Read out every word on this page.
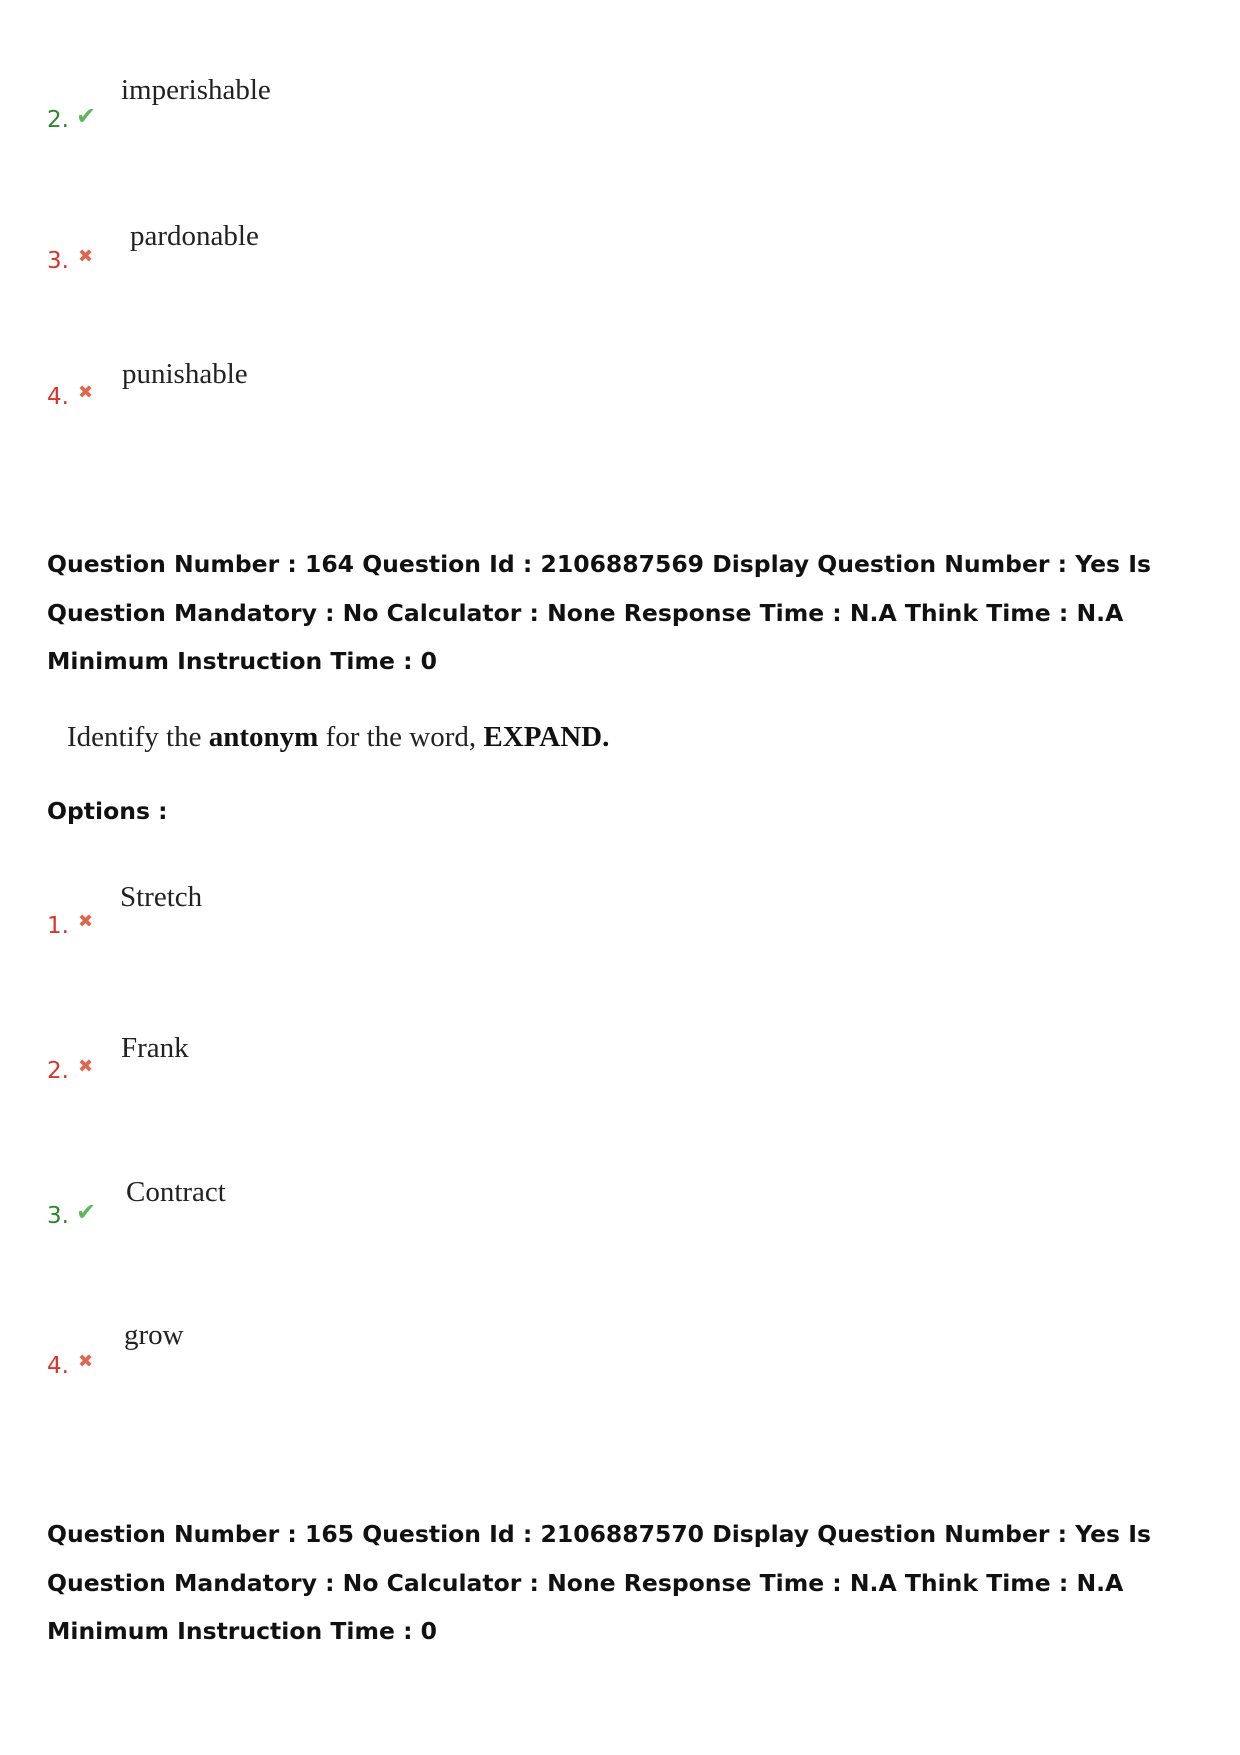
imperishable
2. ✔
pardonable
3. ✖
punishable
4. ✖

Question Number : 164 Question Id : 2106887569 Display Question Number : Yes Is Question Mandatory : No Calculator : None Response Time : N.A Think Time : N.A Minimum Instruction Time : 0

Identify the antonym for the word, EXPAND.

Options :
Stretch
1. ✖
Frank
2. ✖
Contract
3. ✔
grow
4. ✖

Question Number : 165 Question Id : 2106887570 Display Question Number : Yes Is Question Mandatory : No Calculator : None Response Time : N.A Think Time : N.A Minimum Instruction Time : 0
